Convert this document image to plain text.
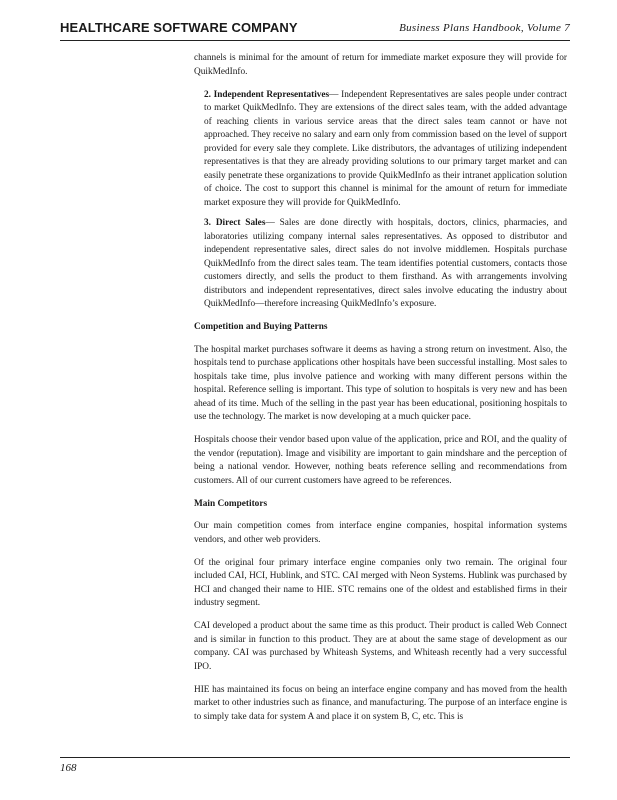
HEALTHCARE SOFTWARE COMPANY	Business Plans Handbook, Volume 7

channels is minimal for the amount of return for immediate market exposure they will provide for QuikMedInfo.

2. Independent Representatives— Independent Representatives are sales people under contract to market QuikMedInfo. They are extensions of the direct sales team, with the added advantage of reaching clients in various service areas that the direct sales team cannot or have not approached. They receive no salary and earn only from commission based on the level of support provided for every sale they complete. Like distributors, the advantages of utilizing independent representatives is that they are already providing solutions to our primary target market and can easily penetrate these organizations to provide QuikMedInfo as their intranet application solution of choice. The cost to support this channel is minimal for the amount of return for immediate market exposure they will provide for QuikMedInfo.

3. Direct Sales— Sales are done directly with hospitals, doctors, clinics, pharmacies, and laboratories utilizing company internal sales representatives. As opposed to distributor and independent representative sales, direct sales do not involve middlemen. Hospitals purchase QuikMedInfo from the direct sales team. The team identifies potential customers, contacts those customers directly, and sells the product to them firsthand. As with arrangements involving distributors and independent representatives, direct sales involve educating the industry about QuikMedInfo—therefore increasing QuikMedInfo’s exposure.

Competition and Buying Patterns

The hospital market purchases software it deems as having a strong return on investment. Also, the hospitals tend to purchase applications other hospitals have been successful installing. Most sales to hospitals take time, plus involve patience and working with many different persons within the hospital. Reference selling is important. This type of solution to hospitals is very new and has been ahead of its time. Much of the selling in the past year has been educational, positioning hospitals to use the technology. The market is now developing at a much quicker pace.

Hospitals choose their vendor based upon value of the application, price and ROI, and the quality of the vendor (reputation). Image and visibility are important to gain mindshare and the perception of being a national vendor. However, nothing beats reference selling and recommendations from customers. All of our current customers have agreed to be references.

Main Competitors

Our main competition comes from interface engine companies, hospital information systems vendors, and other web providers.

Of the original four primary interface engine companies only two remain. The original four included CAI, HCI, Hublink, and STC. CAI merged with Neon Systems. Hublink was purchased by HCI and changed their name to HIE. STC remains one of the oldest and established firms in their industry segment.

CAI developed a product about the same time as this product. Their product is called Web Connect and is similar in function to this product. They are at about the same stage of development as our company. CAI was purchased by Whiteash Systems, and Whiteash recently had a very successful IPO.

HIE has maintained its focus on being an interface engine company and has moved from the health market to other industries such as finance, and manufacturing. The purpose of an interface engine is to simply take data for system A and place it on system B, C, etc. This is

168
